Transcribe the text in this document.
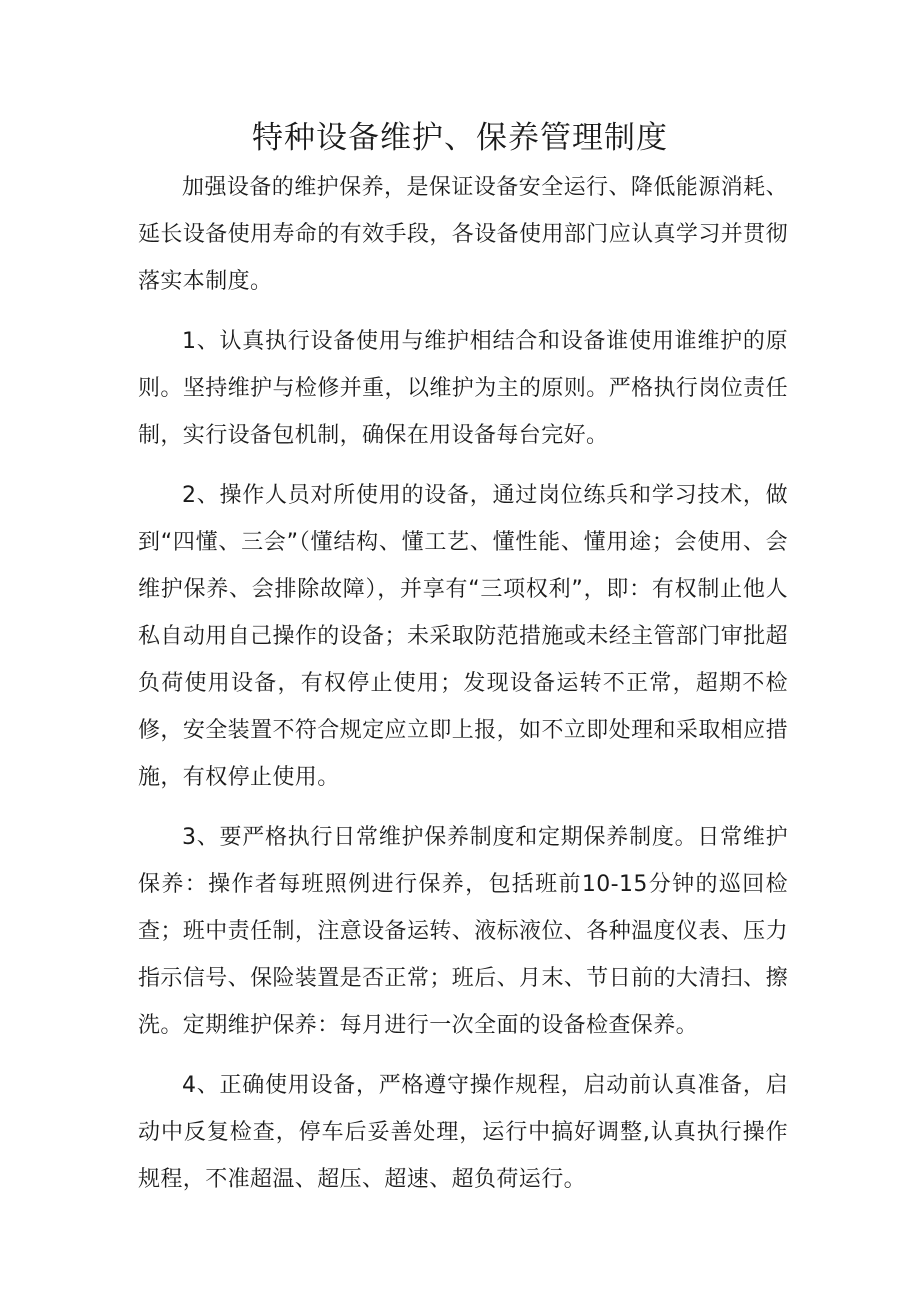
特种设备维护、保养管理制度

加强设备的维护保养，是保证设备安全运行、降低能源消耗、延长设备使用寿命的有效手段，各设备使用部门应认真学习并贯彻落实本制度。

1、认真执行设备使用与维护相结合和设备谁使用谁维护的原则。坚持维护与检修并重，以维护为主的原则。严格执行岗位责任制，实行设备包机制，确保在用设备每台完好。

2、操作人员对所使用的设备，通过岗位练兵和学习技术，做到“四懂、三会”（懂结构、懂工艺、懂性能、懂用途；会使用、会维护保养、会排除故障），并享有“三项权利”，即：有权制止他人私自动用自己操作的设备；未采取防范措施或未经主管部门审批超负荷使用设备，有权停止使用；发现设备运转不正常，超期不检修，安全装置不符合规定应立即上报，如不立即处理和采取相应措施，有权停止使用。

3、要严格执行日常维护保养制度和定期保养制度。日常维护保养：操作者每班照例进行保养，包括班前10-15分钟的巡回检查；班中责任制，注意设备运转、液标液位、各种温度仪表、压力指示信号、保险装置是否正常；班后、月末、节日前的大清扫、擦洗。定期维护保养：每月进行一次全面的设备检查保养。

4、正确使用设备，严格遵守操作规程，启动前认真准备，启动中反复检查，停车后妥善处理，运行中搞好调整,认真执行操作规程，不准超温、超压、超速、超负荷运行。
